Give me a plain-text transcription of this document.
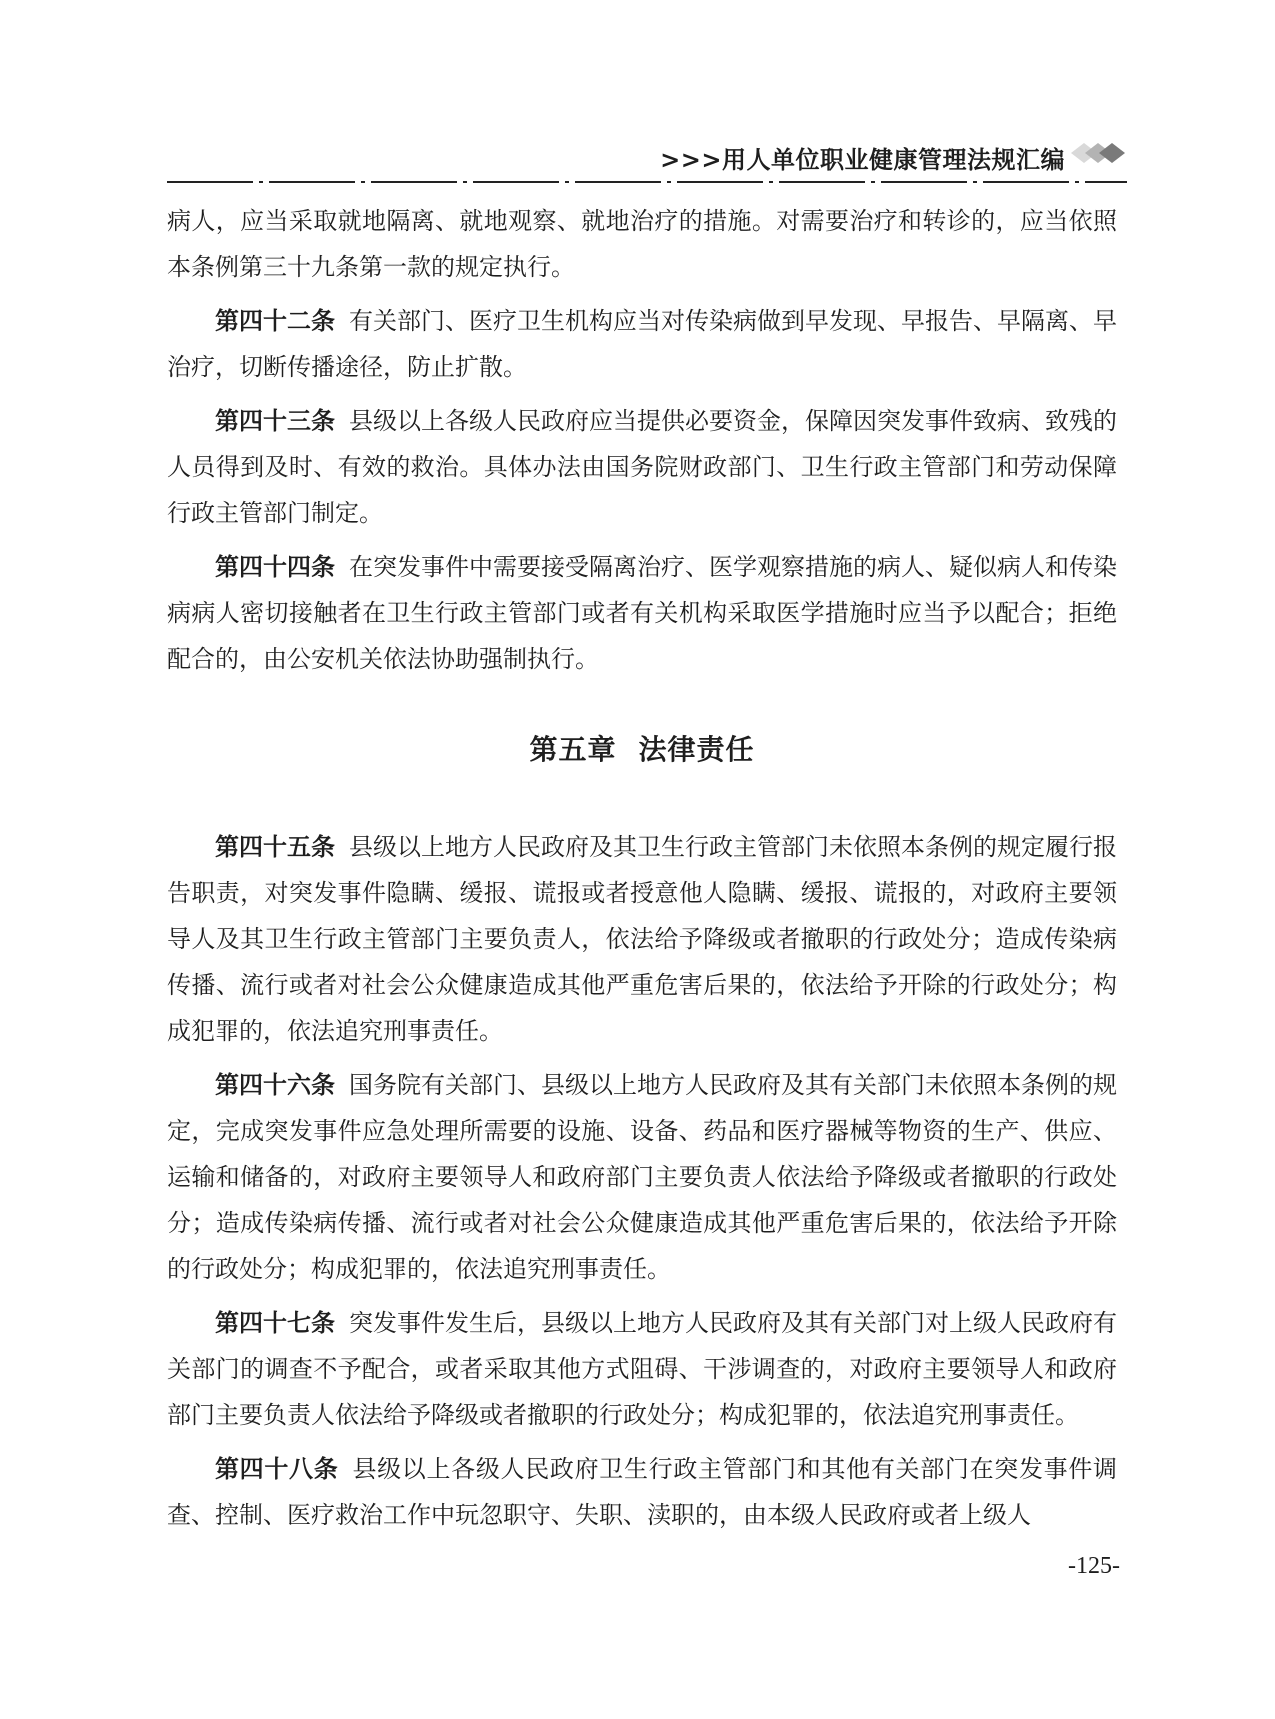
>>>用人单位职业健康管理法规汇编

病人，应当采取就地隔离、就地观察、就地治疗的措施。对需要治疗和转诊的，应当依照本条例第三十九条第一款的规定执行。

第四十二条 有关部门、医疗卫生机构应当对传染病做到早发现、早报告、早隔离、早治疗，切断传播途径，防止扩散。

第四十三条 县级以上各级人民政府应当提供必要资金，保障因突发事件致病、致残的人员得到及时、有效的救治。具体办法由国务院财政部门、卫生行政主管部门和劳动保障行政主管部门制定。

第四十四条 在突发事件中需要接受隔离治疗、医学观察措施的病人、疑似病人和传染病病人密切接触者在卫生行政主管部门或者有关机构采取医学措施时应当予以配合；拒绝配合的，由公安机关依法协助强制执行。

第五章 法律责任

第四十五条 县级以上地方人民政府及其卫生行政主管部门未依照本条例的规定履行报告职责，对突发事件隐瞒、缓报、谎报或者授意他人隐瞒、缓报、谎报的，对政府主要领导人及其卫生行政主管部门主要负责人，依法给予降级或者撤职的行政处分；造成传染病传播、流行或者对社会公众健康造成其他严重危害后果的，依法给予开除的行政处分；构成犯罪的，依法追究刑事责任。

第四十六条 国务院有关部门、县级以上地方人民政府及其有关部门未依照本条例的规定，完成突发事件应急处理所需要的设施、设备、药品和医疗器械等物资的生产、供应、运输和储备的，对政府主要领导人和政府部门主要负责人依法给予降级或者撤职的行政处分；造成传染病传播、流行或者对社会公众健康造成其他严重危害后果的，依法给予开除的行政处分；构成犯罪的，依法追究刑事责任。

第四十七条 突发事件发生后，县级以上地方人民政府及其有关部门对上级人民政府有关部门的调查不予配合，或者采取其他方式阻碍、干涉调查的，对政府主要领导人和政府部门主要负责人依法给予降级或者撤职的行政处分；构成犯罪的，依法追究刑事责任。

第四十八条 县级以上各级人民政府卫生行政主管部门和其他有关部门在突发事件调查、控制、医疗救治工作中玩忽职守、失职、渎职的，由本级人民政府或者上级人

-125-
